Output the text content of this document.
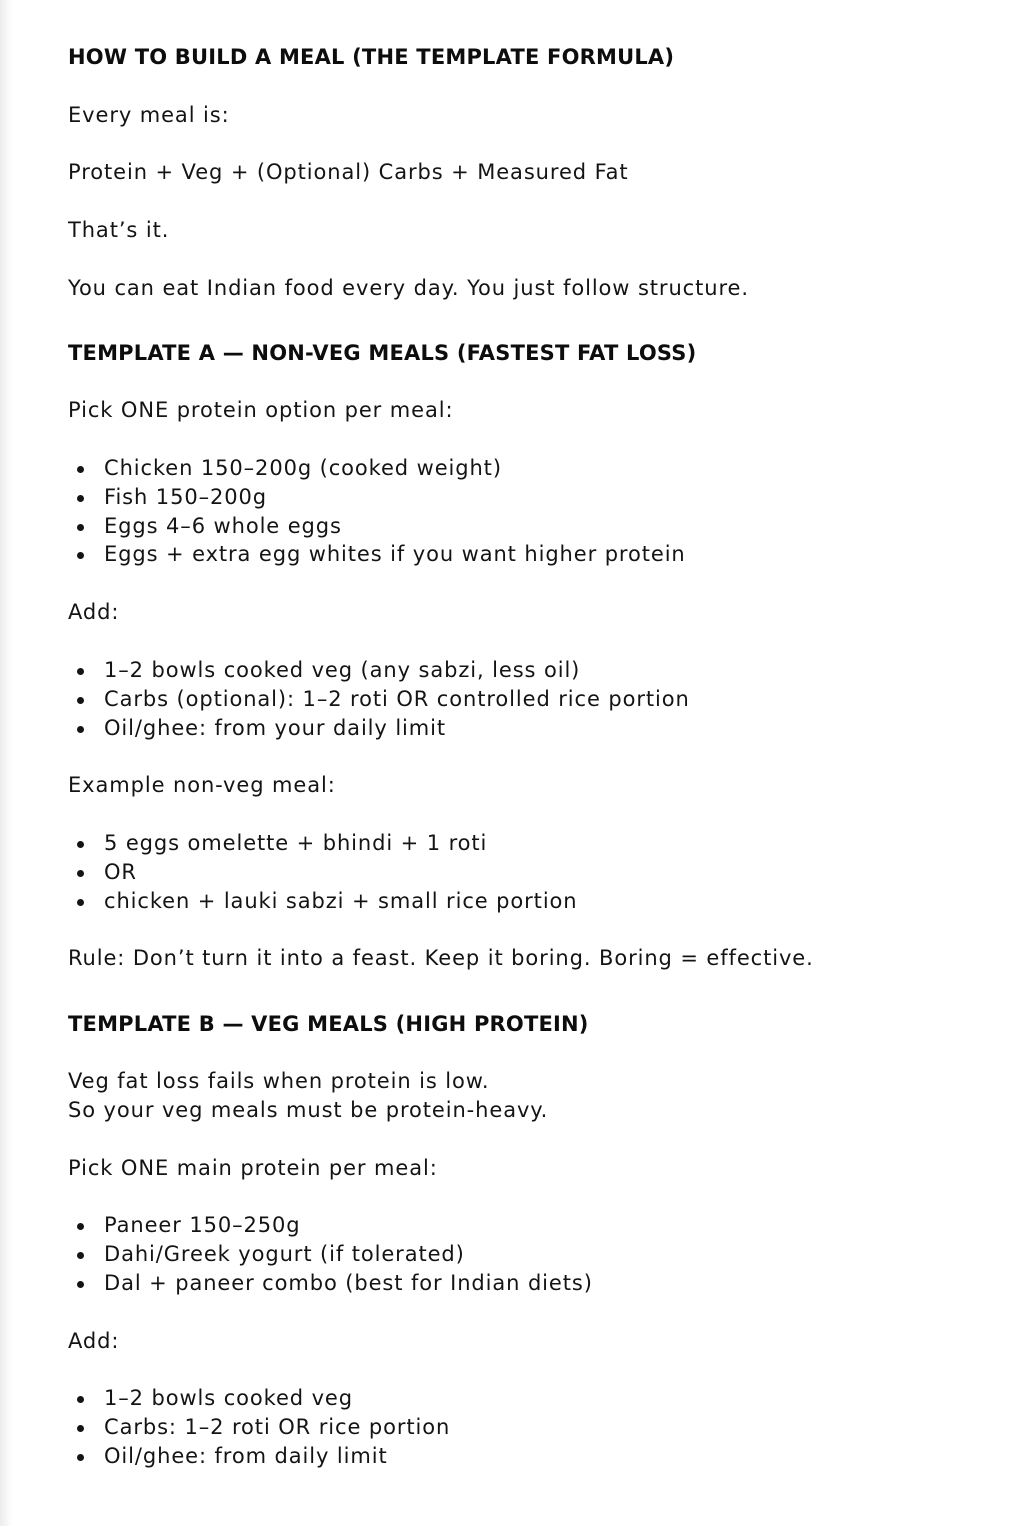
HOW TO BUILD A MEAL (THE TEMPLATE FORMULA)

Every meal is:

Protein + Veg + (Optional) Carbs + Measured Fat

That’s it.

You can eat Indian food every day. You just follow structure.

TEMPLATE A — NON-VEG MEALS (FASTEST FAT LOSS)

Pick ONE protein option per meal:

Chicken 150–200g (cooked weight)
Fish 150–200g
Eggs 4–6 whole eggs
Eggs + extra egg whites if you want higher protein

Add:

1–2 bowls cooked veg (any sabzi, less oil)
Carbs (optional): 1–2 roti OR controlled rice portion
Oil/ghee: from your daily limit

Example non-veg meal:

5 eggs omelette + bhindi + 1 roti
OR
chicken + lauki sabzi + small rice portion

Rule: Don’t turn it into a feast. Keep it boring. Boring = effective.

TEMPLATE B — VEG MEALS (HIGH PROTEIN)

Veg fat loss fails when protein is low.

So your veg meals must be protein-heavy.

Pick ONE main protein per meal:

Paneer 150–250g
Dahi/Greek yogurt (if tolerated)
Dal + paneer combo (best for Indian diets)

Add:

1–2 bowls cooked veg
Carbs: 1–2 roti OR rice portion
Oil/ghee: from daily limit
